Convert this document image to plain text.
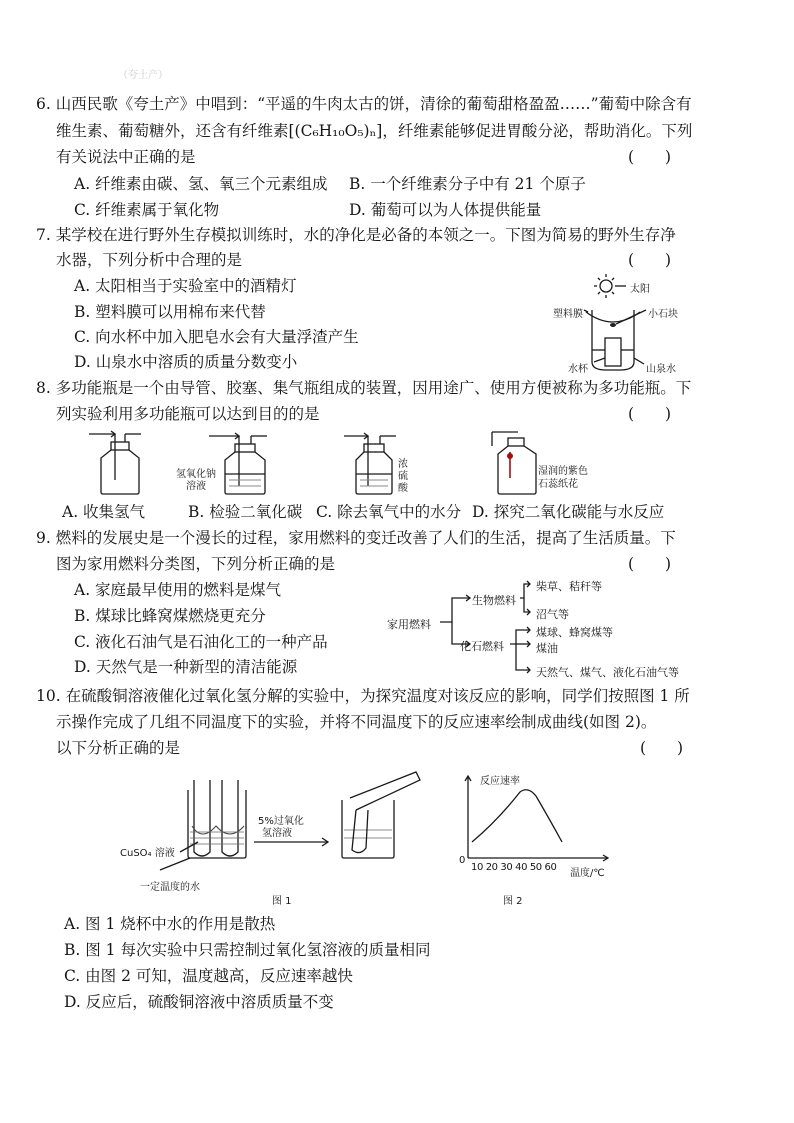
（夸土产）
6. 山西民歌《夸土产》中唱到：“平遥的牛肉太古的饼，清徐的葡萄甜格盈盈……”葡萄中除含有
维生素、葡萄糖外，还含有纤维素[(C₆H₁₀O₅)ₙ]，纤维素能够促进胃酸分泌，帮助消化。下列
有关说法中正确的是	(　　)
A. 纤维素由碳、氢、氧三个元素组成 B. 一个纤维素分子中有 21 个原子
C. 纤维素属于氧化物	D. 葡萄可以为人体提供能量
7. 某学校在进行野外生存模拟训练时，水的净化是必备的本领之一。下图为简易的野外生存净
水器，下列分析中合理的是	(　　)
A. 太阳相当于实验室中的酒精灯
B. 塑料膜可以用棉布来代替
C. 向水杯中加入肥皂水会有大量浮渣产生
D. 山泉水中溶质的质量分数变小
太阳
塑料膜	小石块
水杯	山泉水
8. 多功能瓶是一个由导管、胶塞、集气瓶组成的装置，因用途广、使用方便被称为多功能瓶。下
列实验利用多功能瓶可以达到目的的是	(　　)
氢氧化钠
溶液
浓
硫
酸
湿润的紫色
石蕊纸花
A. 收集氢气	B. 检验二氧化碳 C. 除去氧气中的水分 D. 探究二氧化碳能与水反应
9. 燃料的发展史是一个漫长的过程，家用燃料的变迁改善了人们的生活，提高了生活质量。下
图为家用燃料分类图，下列分析正确的是	(　　)
A. 家庭最早使用的燃料是煤气
B. 煤球比蜂窝煤燃烧更充分
C. 液化石油气是石油化工的一种产品
D. 天然气是一种新型的清洁能源
家用燃料
生物燃料
化石燃料
柴草、秸秆等
沼气等
煤球、蜂窝煤等
煤油
天然气、煤气、液化石油气等
10. 在硫酸铜溶液催化过氧化氢分解的实验中，为探究温度对该反应的影响，同学们按照图 1 所
示操作完成了几组不同温度下的实验，并将不同温度下的反应速率绘制成曲线(如图 2)。
以下分析正确的是	(　　)
5%过氧化
氢溶液
CuSO₄ 溶液
一定温度的水
图 1
反应速率
0
10 20 30 40 50 60
温度/℃
图 2
A. 图 1 烧杯中水的作用是散热
B. 图 1 每次实验中只需控制过氧化氢溶液的质量相同
C. 由图 2 可知，温度越高，反应速率越快
D. 反应后，硫酸铜溶液中溶质质量不变
